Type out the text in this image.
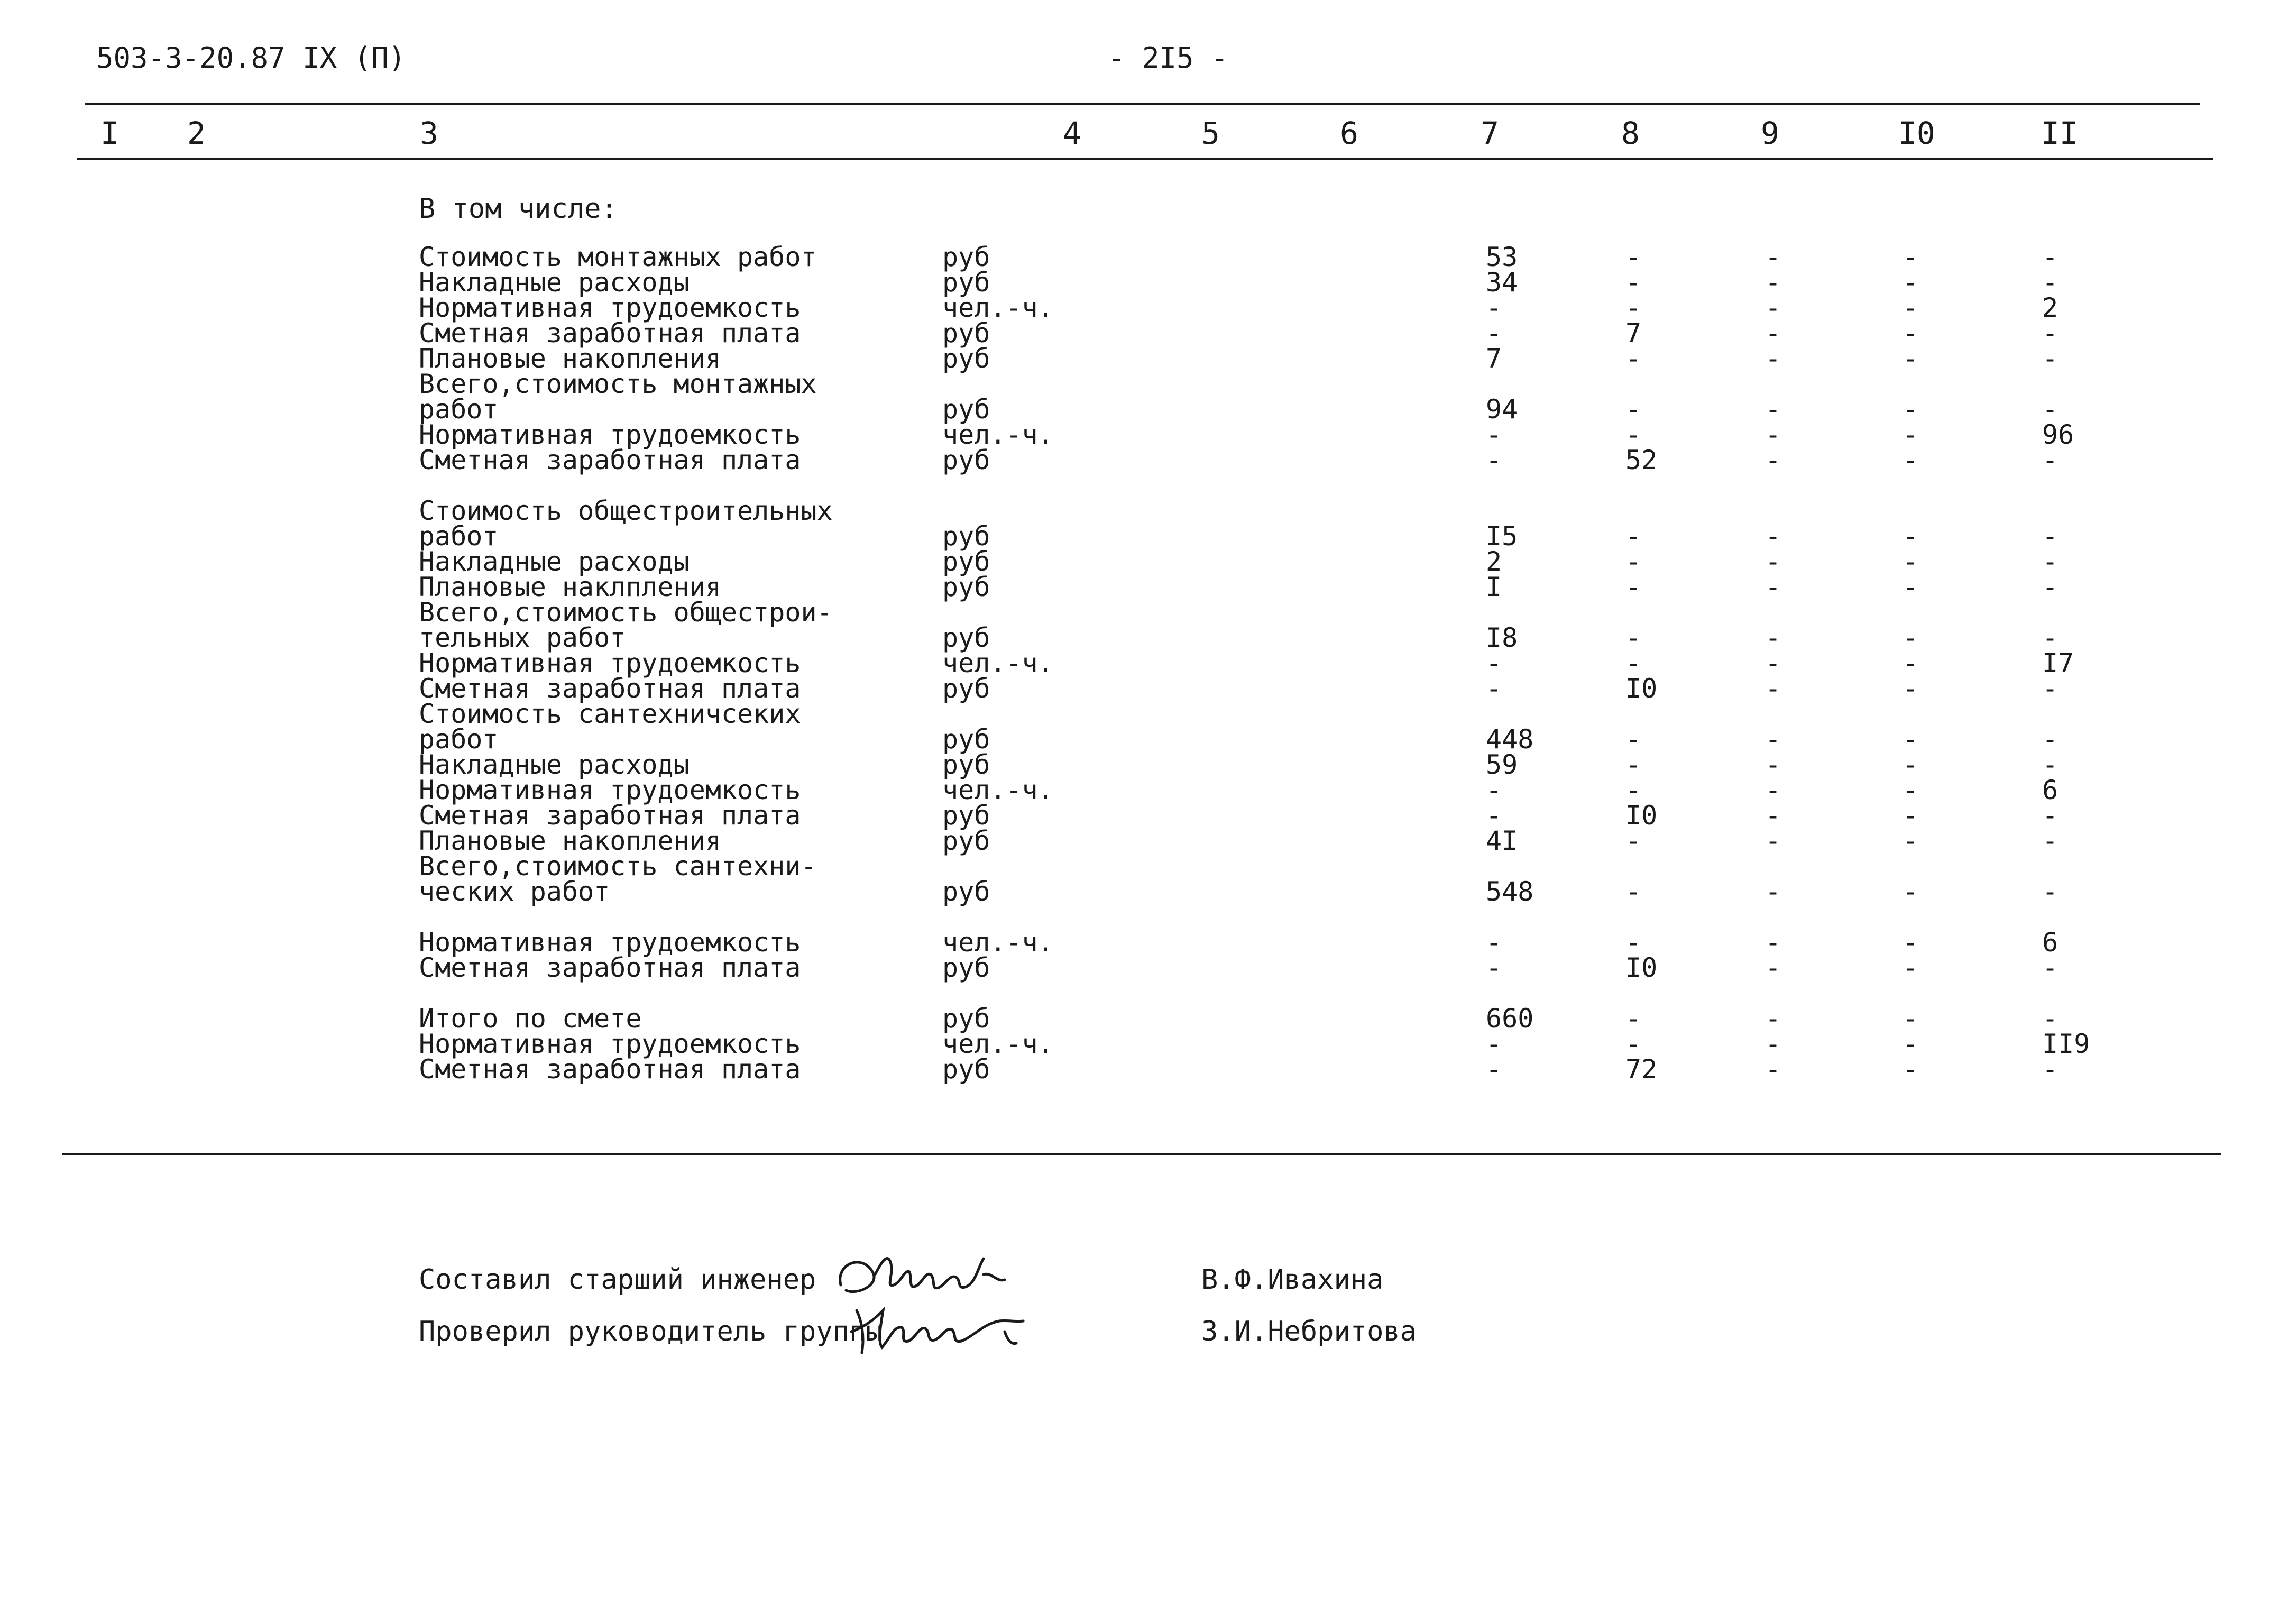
503-3-20.87 IX (П)	- 2I5 -
I 2	3	4	5	6	7	8	9	I0	II
В том числе:
Стоимость монтажных работ	руб	53	-	-	-	-
Накладные расходы	руб	34	-	-	-	-
Нормативная трудоемкость	чел.-ч.	-	-	-	-	2
Сметная заработная плата	руб	-	7	-	-	-
Плановые накопления	руб	7	-	-	-	-
Всего,стоимость монтажных
работ	руб	94	-	-	-	-
Нормативная трудоемкость	чел.-ч.	-	-	-	-	96
Сметная заработная плата	руб	-	52	-	-	-
Стоимость общестроительных
работ	руб	I5	-	-	-	-
Накладные расходы	руб	2	-	-	-	-
Плановые наклпления	руб	I	-	-	-	-
Всего,стоимость общестрои-
тельных работ	руб	I8	-	-	-	-
Нормативная трудоемкость	чел.-ч.	-	-	-	-	I7
Сметная заработная плата	руб	-	I0	-	-	-
Стоимость сантехничсеких
работ	руб	448	-	-	-	-
Накладные расходы	руб	59	-	-	-	-
Нормативная трудоемкость	чел.-ч.	-	-	-	-	6
Сметная заработная плата	руб	-	I0	-	-	-
Плановые накопления	руб	4I	-	-	-	-
Всего,стоимость сантехни-
ческих работ	руб	548	-	-	-	-
Нормативная трудоемкость	чел.-ч.	-	-	-	-	6
Сметная заработная плата	руб	-	I0	-	-	-
Итого по смете	руб	660	-	-	-	-
Нормативная трудоемкость	чел.-ч.	-	-	-	-	II9
Сметная заработная плата	руб	-	72	-	-	-
Составил старший инженер	В.Ф.Ивахина
Проверил руководитель группы	З.И.Небритова
